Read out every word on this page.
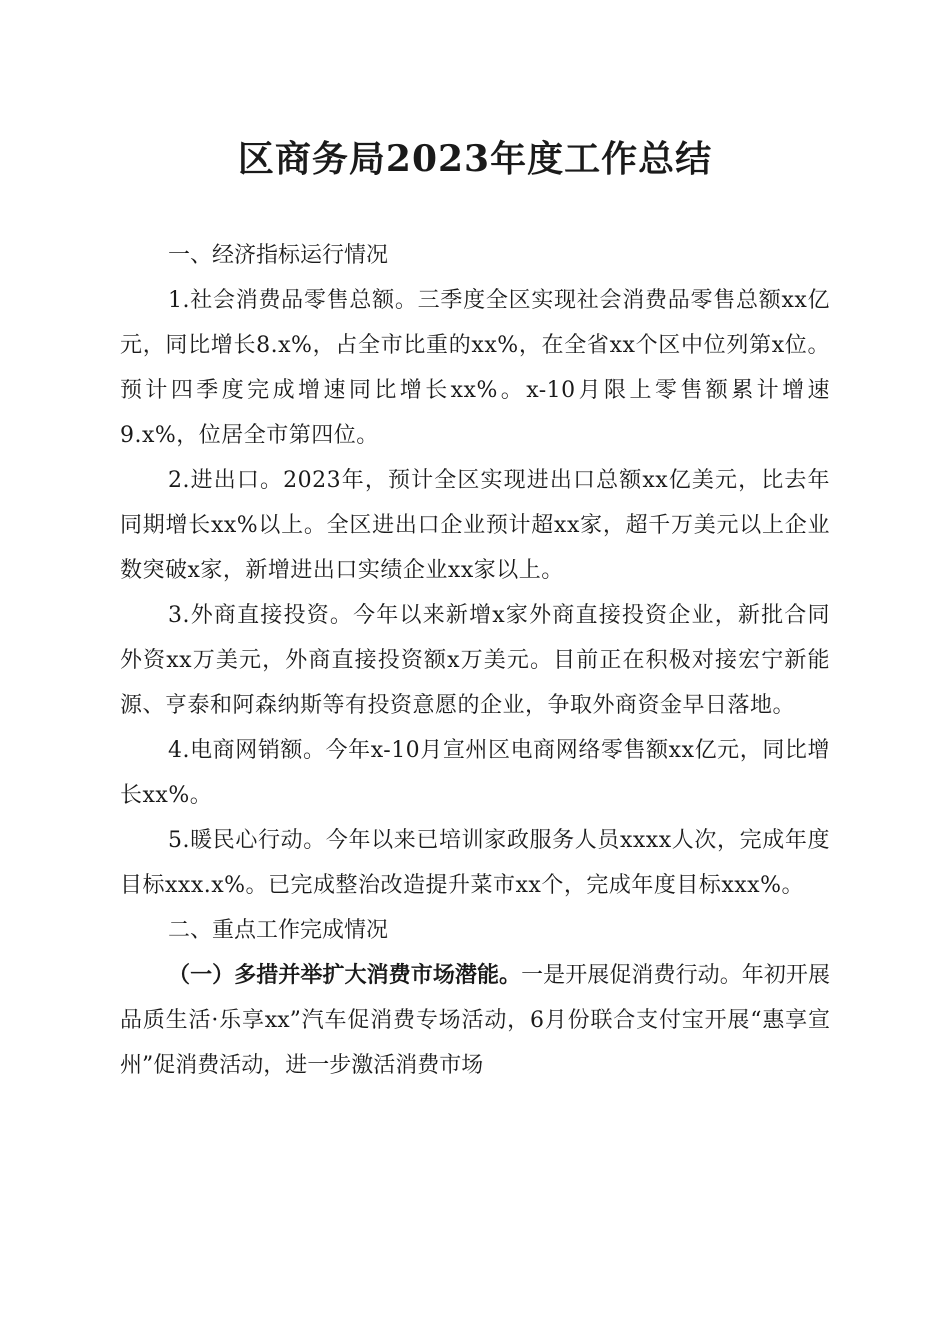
区商务局2023年度工作总结
一、经济指标运行情况

1.社会消费品零售总额。三季度全区实现社会消费品零售总额xx亿元，同比增长8.x%，占全市比重的xx%，在全省xx个区中位列第x位。预计四季度完成增速同比增长xx%。x-10月限上零售额累计增速9.x%，位居全市第四位。

2.进出口。2023年，预计全区实现进出口总额xx亿美元，比去年同期增长xx%以上。全区进出口企业预计超xx家，超千万美元以上企业数突破x家，新增进出口实绩企业xx家以上。

3.外商直接投资。今年以来新增x家外商直接投资企业，新批合同外资xx万美元，外商直接投资额x万美元。目前正在积极对接宏宁新能源、亨泰和阿森纳斯等有投资意愿的企业，争取外商资金早日落地。

4.电商网销额。今年x-10月宣州区电商网络零售额xx亿元，同比增长xx%。

5.暖民心行动。今年以来已培训家政服务人员xxxx人次，完成年度目标xxx.x%。已完成整治改造提升菜市xx个，完成年度目标xxx%。

二、重点工作完成情况

（一）多措并举扩大消费市场潜能。一是开展促消费行动。年初开展品质生活·乐享xx”汽车促消费专场活动，6月份联合支付宝开展“惠享宣州”促消费活动，进一步激活消费市场
